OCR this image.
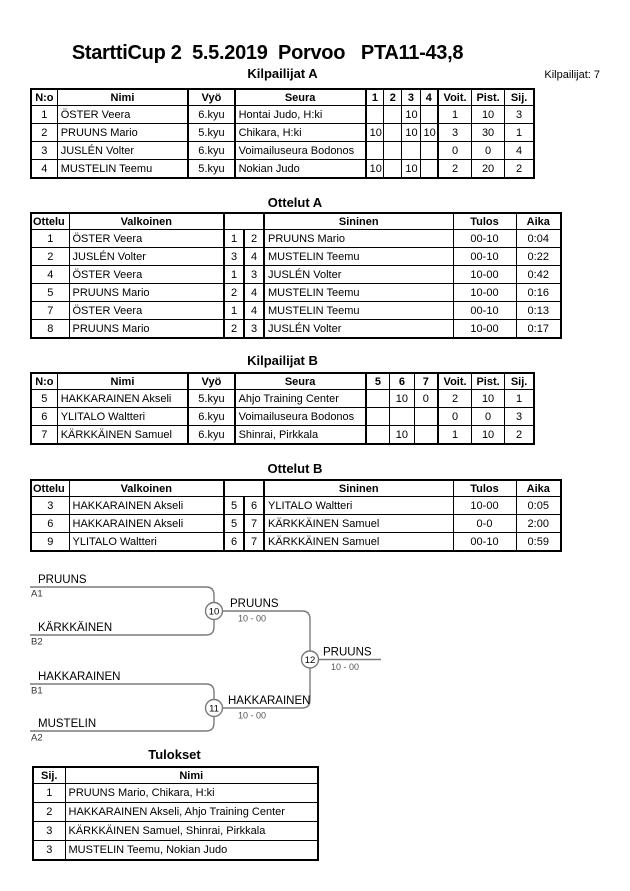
StarttiCup 2  5.5.2019  Porvoo   PTA11-43,8
Kilpailijat A	Kilpailijat: 7
N:o	Nimi	Vyö	Seura	1	2	3	4	Voit.	Pist.	Sij.
1	ÖSTER Veera	6.kyu	Hontai Judo, H:ki			10		1	10	3
2	PRUUNS Mario	5.kyu	Chikara, H:ki	10		10	10	3	30	1
3	JUSLÉN Volter	6.kyu	Voimailuseura Bodonos					0	0	4
4	MUSTELIN Teemu	5.kyu	Nokian Judo	10		10		2	20	2
Ottelut A
Ottelu	Valkoinen			Sininen	Tulos	Aika
1	ÖSTER Veera	1	2	PRUUNS Mario	00-10	0:04
2	JUSLÉN Volter	3	4	MUSTELIN Teemu	00-10	0:22
4	ÖSTER Veera	1	3	JUSLÉN Volter	10-00	0:42
5	PRUUNS Mario	2	4	MUSTELIN Teemu	10-00	0:16
7	ÖSTER Veera	1	4	MUSTELIN Teemu	00-10	0:13
8	PRUUNS Mario	2	3	JUSLÉN Volter	10-00	0:17
Kilpailijat B
N:o	Nimi	Vyö	Seura	5	6	7	Voit.	Pist.	Sij.
5	HAKKARAINEN Akseli	5.kyu	Ahjo Training Center		10	0	2	10	1
6	YLITALO Waltteri	6.kyu	Voimailuseura Bodonos				0	0	3
7	KÄRKKÄINEN Samuel	6.kyu	Shinrai, Pirkkala		10		1	10	2
Ottelut B
Ottelu	Valkoinen			Sininen	Tulos	Aika
3	HAKKARAINEN Akseli	5	6	YLITALO Waltteri	10-00	0:05
6	HAKKARAINEN Akseli	5	7	KÄRKKÄINEN Samuel	0-0	2:00
9	YLITALO Waltteri	6	7	KÄRKKÄINEN Samuel	00-10	0:59
PRUUNS
A1
KÄRKKÄINEN
B2
10
PRUUNS
10 - 00
HAKKARAINEN
B1
MUSTELIN
A2
11
HAKKARAINEN
10 - 00
12
PRUUNS
10 - 00
Tulokset
Sij.	Nimi
1	PRUUNS Mario, Chikara, H:ki
2	HAKKARAINEN Akseli, Ahjo Training Center
3	KÄRKKÄINEN Samuel, Shinrai, Pirkkala
3	MUSTELIN Teemu, Nokian Judo
